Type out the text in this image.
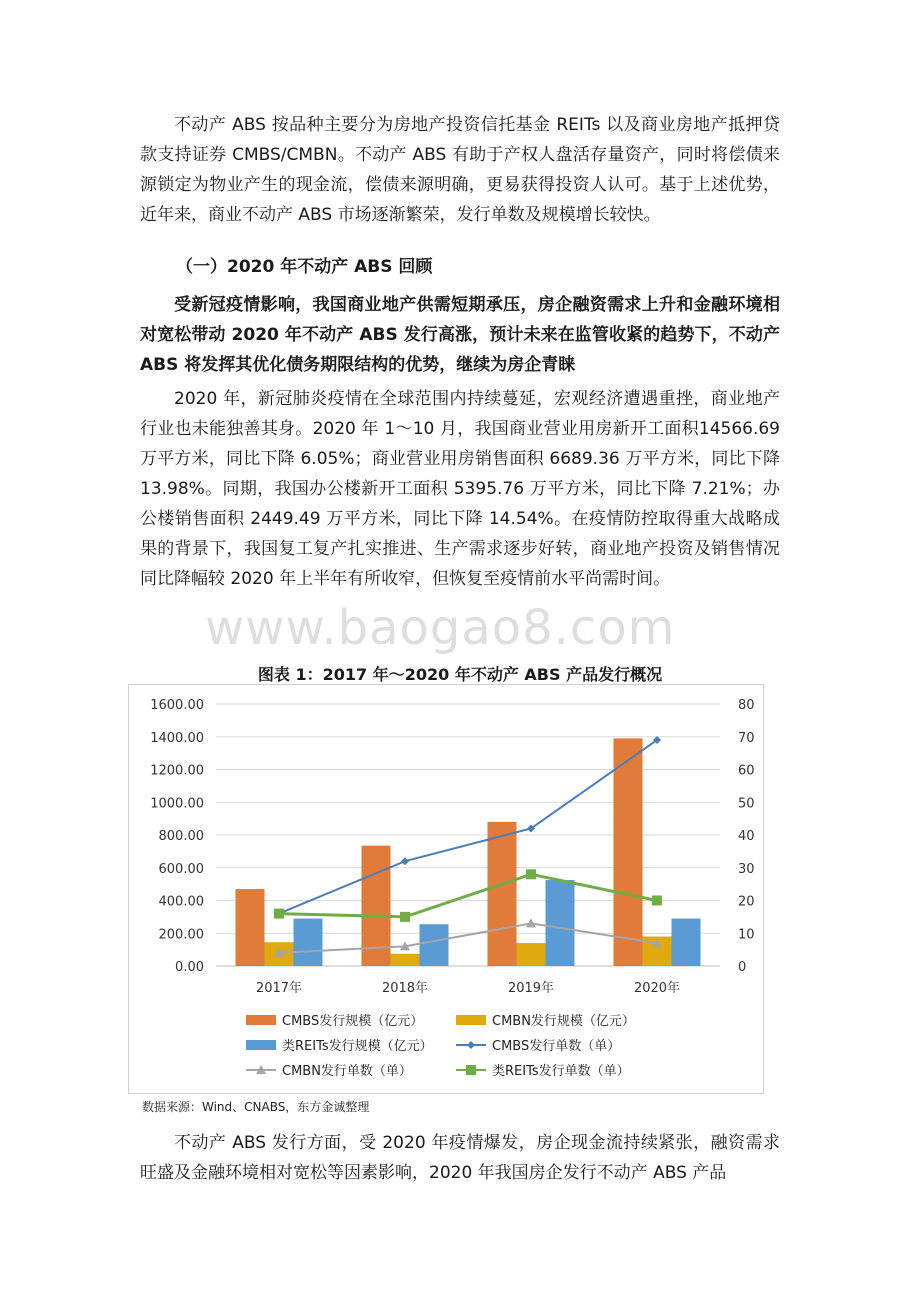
不动产 ABS 按品种主要分为房地产投资信托基金 REITs 以及商业房地产抵押贷款支持证券 CMBS/CMBN。不动产 ABS 有助于产权人盘活存量资产，同时将偿债来源锁定为物业产生的现金流，偿债来源明确，更易获得投资人认可。基于上述优势，近年来，商业不动产 ABS 市场逐渐繁荣，发行单数及规模增长较快。

（一）2020 年不动产 ABS 回顾

受新冠疫情影响，我国商业地产供需短期承压，房企融资需求上升和金融环境相对宽松带动 2020 年不动产 ABS 发行高涨，预计未来在监管收紧的趋势下，不动产 ABS 将发挥其优化债务期限结构的优势，继续为房企青睐

2020 年，新冠肺炎疫情在全球范围内持续蔓延，宏观经济遭遇重挫，商业地产行业也未能独善其身。2020 年 1～10 月，我国商业营业用房新开工面积14566.69 万平方米，同比下降 6.05%；商业营业用房销售面积 6689.36 万平方米，同比下降 13.98%。同期，我国办公楼新开工面积 5395.76 万平方米，同比下降 7.21%；办公楼销售面积 2449.49 万平方米，同比下降 14.54%。在疫情防控取得重大战略成果的背景下，我国复工复产扎实推进、生产需求逐步好转，商业地产投资及销售情况同比降幅较 2020 年上半年有所收窄，但恢复至疫情前水平尚需时间。

www.baogao8.com
图表 1：2017 年～2020 年不动产 ABS 产品发行概况
0.00
200.00
400.00
600.00
800.00
1000.00
1200.00
1400.00
1600.00
0
10
20
30
40
50
60
70
80
2017年	2018年	2019年	2020年
CMBS发行规模（亿元）	CMBN发行规模（亿元）
类REITs发行规模（亿元）	CMBS发行单数（单）
CMBN发行单数（单）	类REITs发行单数（单）
数据来源：Wind、CNABS，东方金诚整理

不动产 ABS 发行方面，受 2020 年疫情爆发，房企现金流持续紧张，融资需求旺盛及金融环境相对宽松等因素影响，2020 年我国房企发行不动产 ABS 产品
